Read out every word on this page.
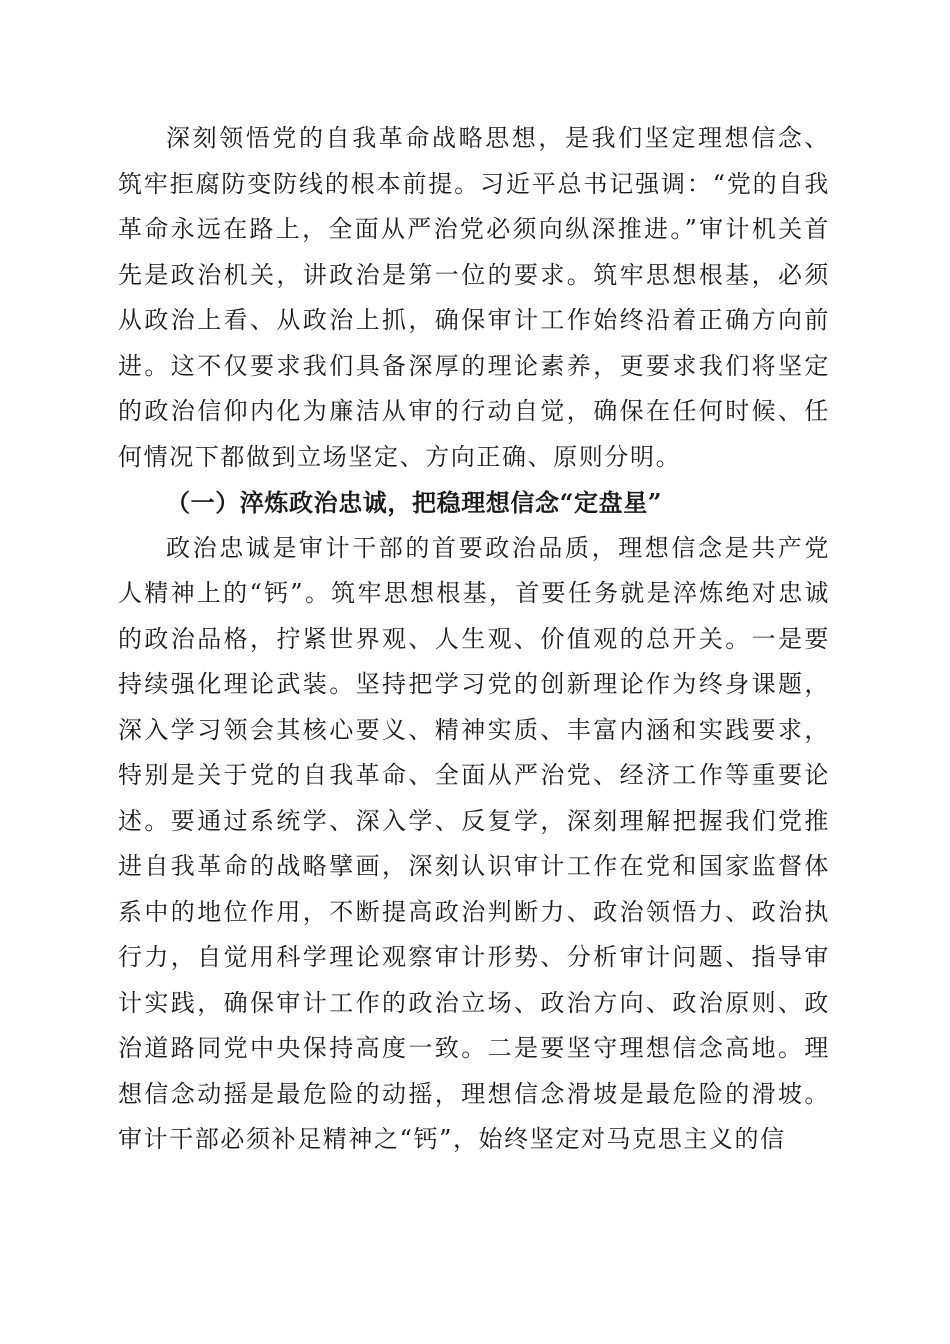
深刻领悟党的自我革命战略思想，是我们坚定理想信念、筑牢拒腐防变防线的根本前提。习近平总书记强调：“党的自我革命永远在路上，全面从严治党必须向纵深推进。”审计机关首先是政治机关，讲政治是第一位的要求。筑牢思想根基，必须从政治上看、从政治上抓，确保审计工作始终沿着正确方向前进。这不仅要求我们具备深厚的理论素养，更要求我们将坚定的政治信仰内化为廉洁从审的行动自觉，确保在任何时候、任何情况下都做到立场坚定、方向正确、原则分明。

（一）淬炼政治忠诚，把稳理想信念“定盘星”

政治忠诚是审计干部的首要政治品质，理想信念是共产党人精神上的“钙”。筑牢思想根基，首要任务就是淬炼绝对忠诚的政治品格，拧紧世界观、人生观、价值观的总开关。一是要持续强化理论武装。坚持把学习党的创新理论作为终身课题，深入学习领会其核心要义、精神实质、丰富内涵和实践要求，特别是关于党的自我革命、全面从严治党、经济工作等重要论述。要通过系统学、深入学、反复学，深刻理解把握我们党推进自我革命的战略擘画，深刻认识审计工作在党和国家监督体系中的地位作用，不断提高政治判断力、政治领悟力、政治执行力，自觉用科学理论观察审计形势、分析审计问题、指导审计实践，确保审计工作的政治立场、政治方向、政治原则、政治道路同党中央保持高度一致。二是要坚守理想信念高地。理想信念动摇是最危险的动摇，理想信念滑坡是最危险的滑坡。审计干部必须补足精神之“钙”，始终坚定对马克思主义的信
